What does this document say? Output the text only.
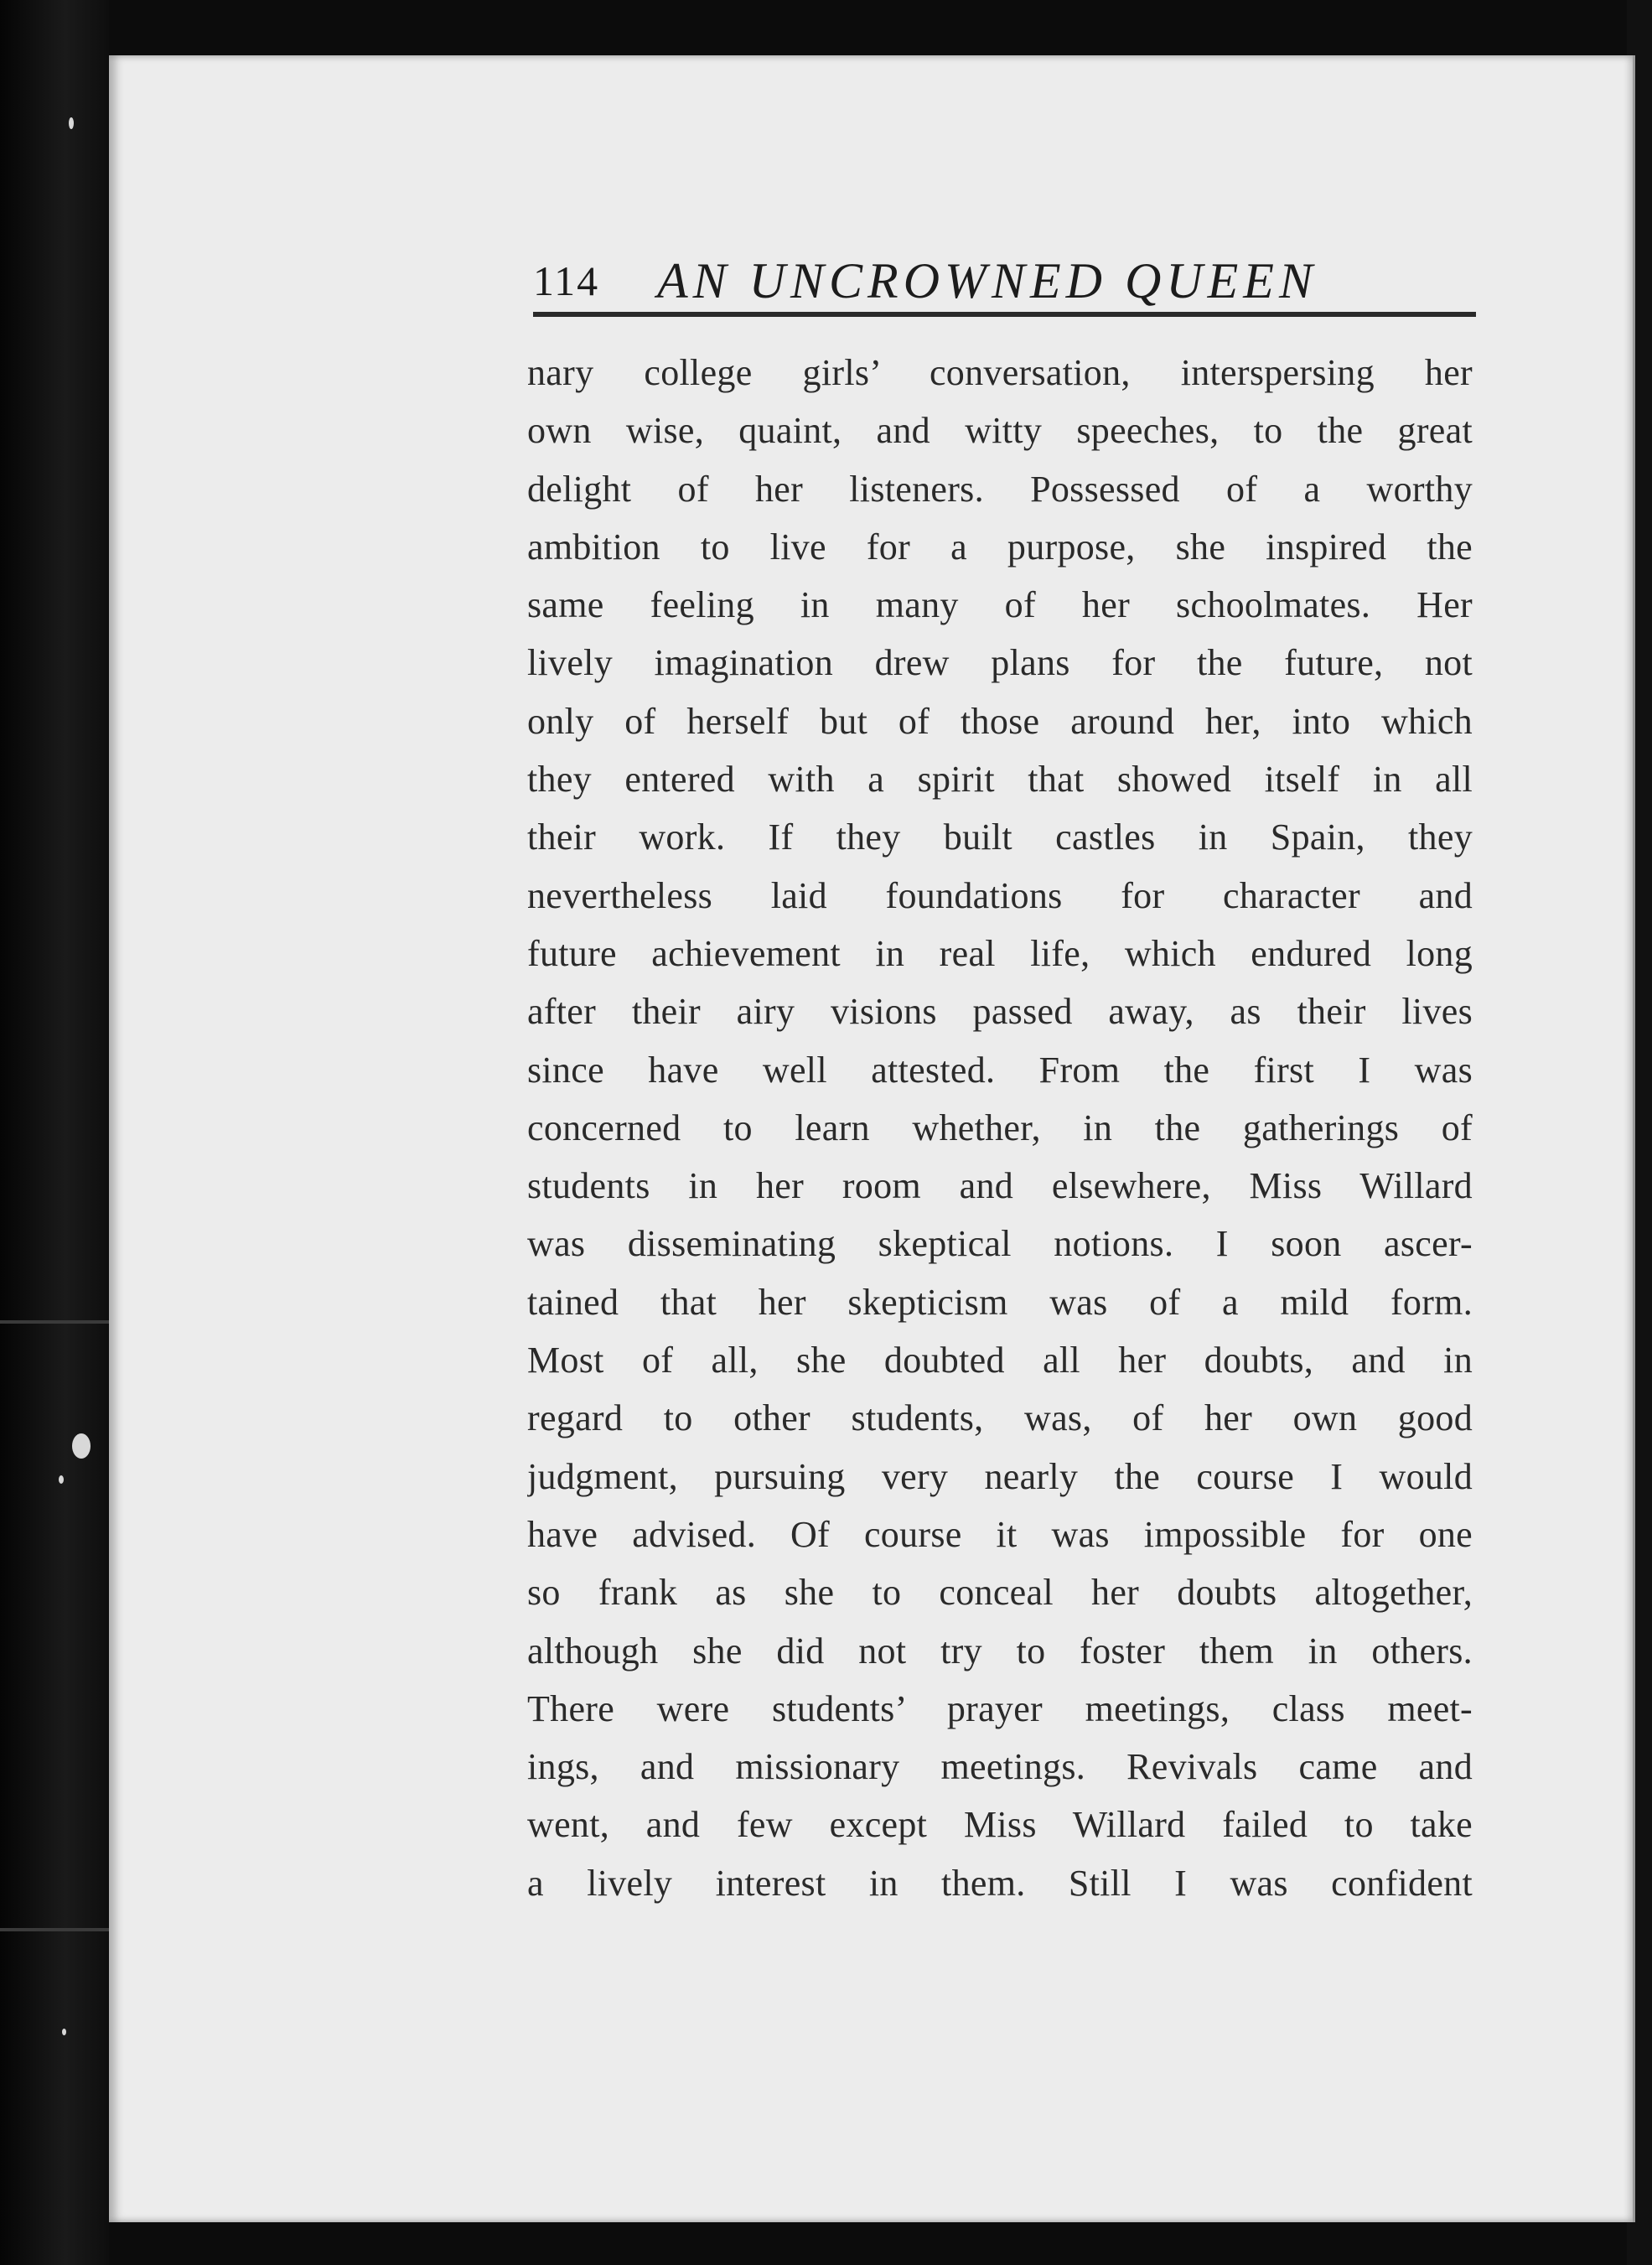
114 AN UNCROWNED QUEEN
nary college girls’ conversation, interspersing her
own wise, quaint, and witty speeches, to the great
delight of her listeners. Possessed of a worthy
ambition to live for a purpose, she inspired the
same feeling in many of her schoolmates. Her
lively imagination drew plans for the future, not
only of herself but of those around her, into which
they entered with a spirit that showed itself in all
their work. If they built castles in Spain, they
nevertheless laid foundations for character and
future achievement in real life, which endured long
after their airy visions passed away, as their lives
since have well attested. From the first I was
concerned to learn whether, in the gatherings of
students in her room and elsewhere, Miss Willard
was disseminating skeptical notions. I soon ascer-
tained that her skepticism was of a mild form.
Most of all, she doubted all her doubts, and in
regard to other students, was, of her own good
judgment, pursuing very nearly the course I would
have advised. Of course it was impossible for one
so frank as she to conceal her doubts altogether,
although she did not try to foster them in others.
There were students’ prayer meetings, class meet-
ings, and missionary meetings. Revivals came and
went, and few except Miss Willard failed to take
a lively interest in them. Still I was confident
